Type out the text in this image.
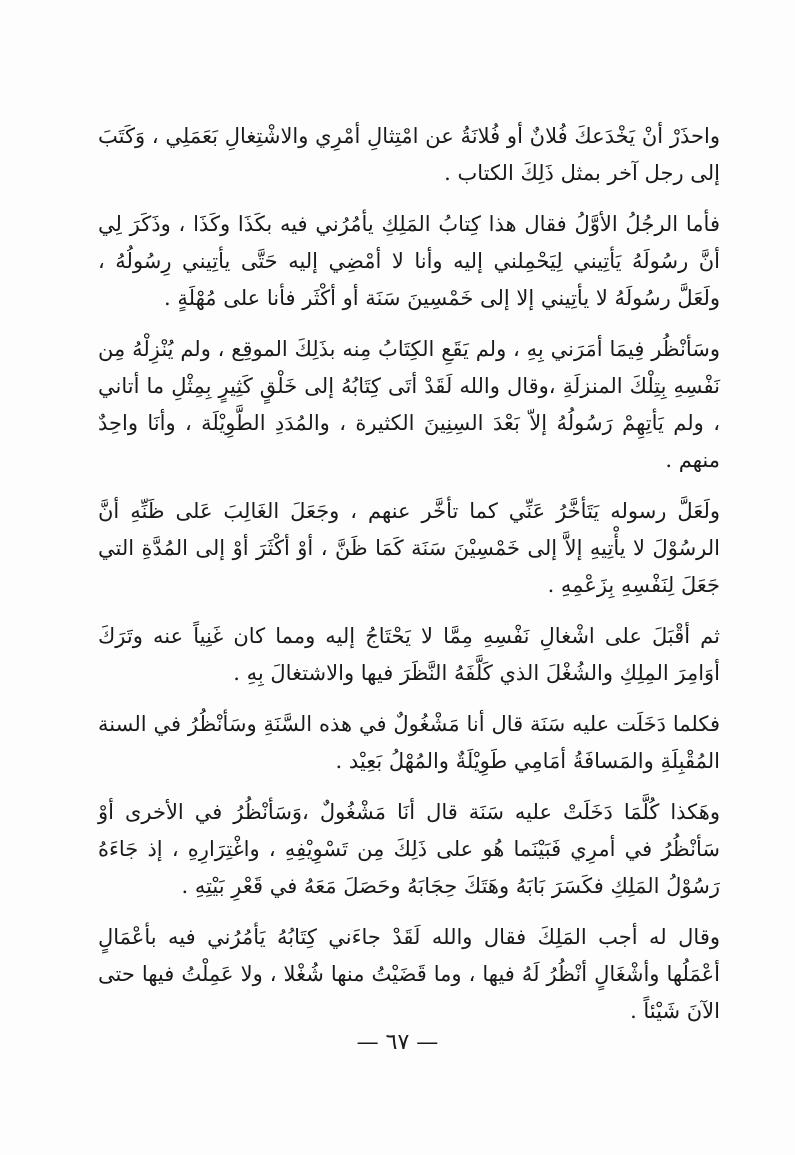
واحذَرْ أنْ يَخْدَعكَ فُلانٌ أو فُلانَةُ عن امْتِثالِ أمْرِي والاشْتِغالِ بَعَمَلِي ، وَكَتَبَ إلى رجل آخر بمثل ذَلِكَ الكتاب .

فأما الرجُلُ الأوَّلُ فقال هذا كِتابُ المَلِكِ يأمُرُني فيه بكَذَا وكَذَا ، وذَكَرَ لِي أنَّ رسُولَهُ يَأتِيني لِيَحْمِلني إليه وأنا لا أمْضِي إليه حَتَّى يأتِيني رِسُولُهُ ، ولَعَلَّ رسُولَهُ لا يأتِيني إلا إلى خَمْسِينَ سَنَة أو أكْثَر فأنا على مُهْلَةٍ .

وسَأنْظُر فِيمَا أمَرَني بِهِ ، ولم يَقَعِ الكِتَابُ مِنه بذَلِكَ الموقِع ، ولم يُنْزِلْهُ مِن نَفْسِهِ بِتِلْكَ المنزلَةِ ،وقال والله لَقَدْ أتَى كِتَابُهُ إلى خَلْقٍ كَثِيرٍ بِمِثْلِ ما أتاني ، ولم يَأتِهِمْ رَسُولُهُ إلاّ بَعْدَ السِنِينَ الكثيرة ، والمُدَدِ الطَّوِيْلَة ، وأنَا واحِدٌ منهم .

ولَعَلَّ رسوله يَتَأخَّرُ عَنِّي كما تأخَّر عنهم ، وجَعَلَ الغَالِبَ عَلى ظَنِّهِ أنَّ الرسُوْلَ لا يأْتِيهِ إلاَّ إلى خَمْسِيْنَ سَنَة كَمَا ظَنَّ ، أوْ أكْثَرَ أوْ إلى المُدَّةِ التي جَعَلَ لِنَفْسِهِ بِزَعْمِهِ .

ثم أقْبَلَ على اشْغالِ نَفْسِهِ مِمَّا لا يَحْتَاجُ إليه ومما كان غَنِياً عنه وتَرَكَ أوَامِرَ المِلِكِ والشُغْلَ الذي كَلَّفَهُ النَّظَرَ فيها والاشتغالَ بِهِ .

فكلما دَخَلَت عليه سَنَة قال أنا مَشْغُولٌ في هذه السَّنَةِ وسَأنْظُرُ في السنة المُقْبِلَةِ والمَسافَةُ أمَامِي طَوِيْلَةٌ والمُهْلُ بَعِيْد .

وهَكذا كُلَّمَا دَخَلَتْ عليه سَنَة قال أنَا مَشْغُولٌ ،وَسَأنْظُرُ في الأخرى أوْ سَأنْظُرُ في أمرِي فَبَيْنَما هُو على ذَلِكَ مِن تَسْوِيْفِهِ ، واغْتِرَارِهِ ، إذ جَاءَهُ رَسُوْلُ المَلِكِ فكَسَرَ بَابَهُ وهَتَكَ حِجَابَهُ وحَصَلَ مَعَهُ في قَعْرِ بَيْتِهِ .

وقال له أجب المَلِكَ فقال والله لَقَدْ جاءَني كِتَابُهُ يَأمُرُني فيه بأعْمَالٍ أعْمَلُها وأشْغَالٍ أنْظُرُ لَهُ فيها ، وما قَضَيْتُ منها شُغْلا ، ولا عَمِلْتُ فيها حتى الآنَ شَيْئاً .

— ٦٧ —
